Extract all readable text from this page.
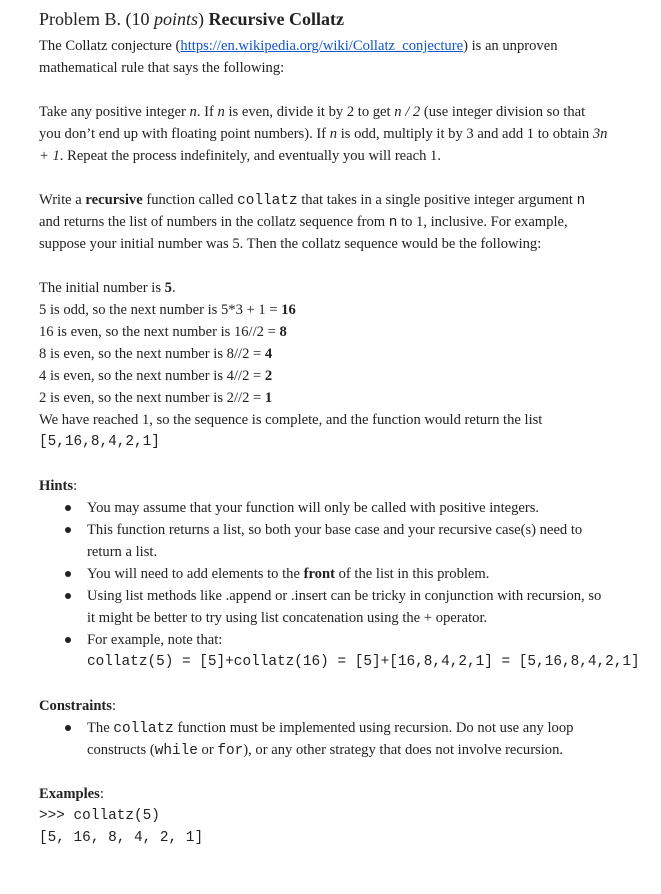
Problem B. (10 points) Recursive Collatz
The Collatz conjecture (https://en.wikipedia.org/wiki/Collatz_conjecture) is an unproven
mathematical rule that says the following:
Take any positive integer n. If n is even, divide it by 2 to get n / 2 (use integer division so that
you don’t end up with floating point numbers). If n is odd, multiply it by 3 and add 1 to obtain 3n
+ 1. Repeat the process indefinitely, and eventually you will reach 1.
Write a recursive function called collatz that takes in a single positive integer argument n
and returns the list of numbers in the collatz sequence from n to 1, inclusive. For example,
suppose your initial number was 5. Then the collatz sequence would be the following:
The initial number is 5.
5 is odd, so the next number is 5*3 + 1 = 16
16 is even, so the next number is 16//2 = 8
8 is even, so the next number is 8//2 = 4
4 is even, so the next number is 4//2 = 2
2 is even, so the next number is 2//2 = 1
We have reached 1, so the sequence is complete, and the function would return the list
[5,16,8,4,2,1]
Hints:
You may assume that your function will only be called with positive integers.
This function returns a list, so both your base case and your recursive case(s) need to
return a list.
You will need to add elements to the front of the list in this problem.
Using list methods like .append or .insert can be tricky in conjunction with recursion, so
it might be better to try using list concatenation using the + operator.
For example, note that:
collatz(5) = [5]+collatz(16) = [5]+[16,8,4,2,1] = [5,16,8,4,2,1]
Constraints:
The collatz function must be implemented using recursion. Do not use any loop
constructs (while or for), or any other strategy that does not involve recursion.
Examples:
>>> collatz(5)
[5, 16, 8, 4, 2, 1]
